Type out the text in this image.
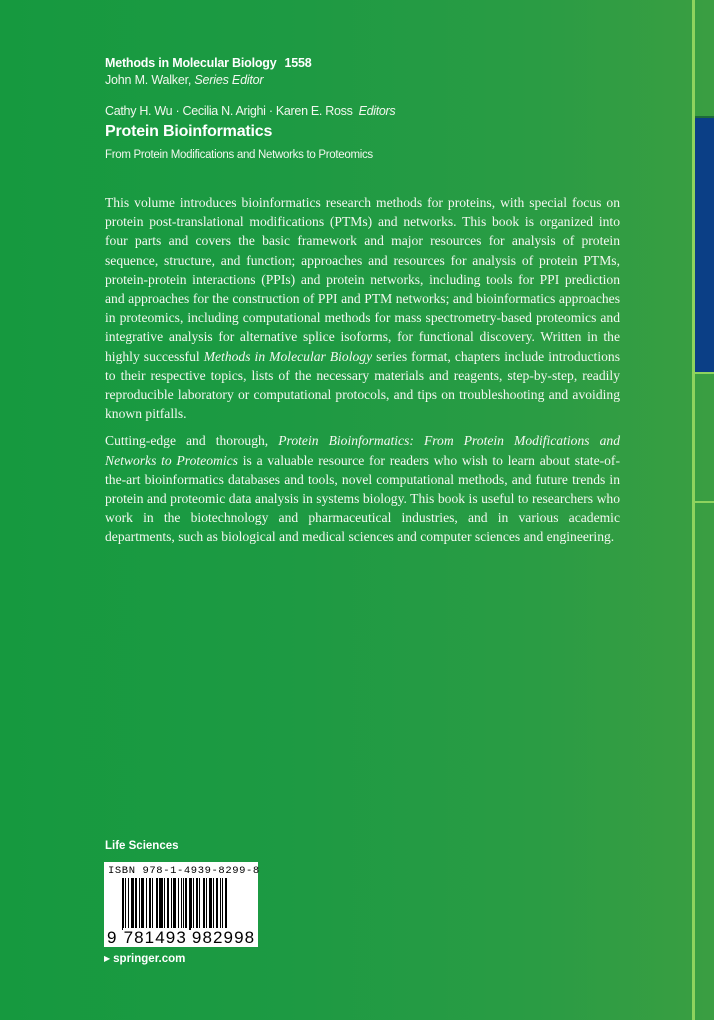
Methods in Molecular Biology 1558
John M. Walker, Series Editor
Cathy H. Wu · Cecilia N. Arighi · Karen E. Ross Editors
Protein Bioinformatics
From Protein Modifications and Networks to Proteomics

This volume introduces bioinformatics research methods for proteins, with special focus on protein post-translational modifications (PTMs) and networks. This book is organized into four parts and covers the basic framework and major resources for analysis of protein sequence, structure, and function; approaches and resources for analysis of protein PTMs, protein-protein interactions (PPIs) and protein networks, including tools for PPI prediction and approaches for the construction of PPI and PTM networks; and bioinformatics approaches in proteomics, including computational methods for mass spectrometry-based proteomics and integrative analysis for alternative splice isoforms, for functional discovery. Written in the highly successful Methods in Molecular Biology series format, chapters include introductions to their respective topics, lists of the necessary materials and reagents, step-by-step, readily reproducible laboratory or computational protocols, and tips on troubleshooting and avoiding known pitfalls.

Cutting-edge and thorough, Protein Bioinformatics: From Protein Modifications and Networks to Proteomics is a valuable resource for readers who wish to learn about state-of-the-art bioinformatics databases and tools, novel computational methods, and future trends in protein and proteomic data analysis in systems biology. This book is useful to researchers who work in the biotechnology and pharmaceutical industries, and in various academic departments, such as biological and medical sciences and computer sciences and engineering.

Life Sciences
ISBN 978-1-4939-8299-8
9 781493 982998
▶ springer.com
